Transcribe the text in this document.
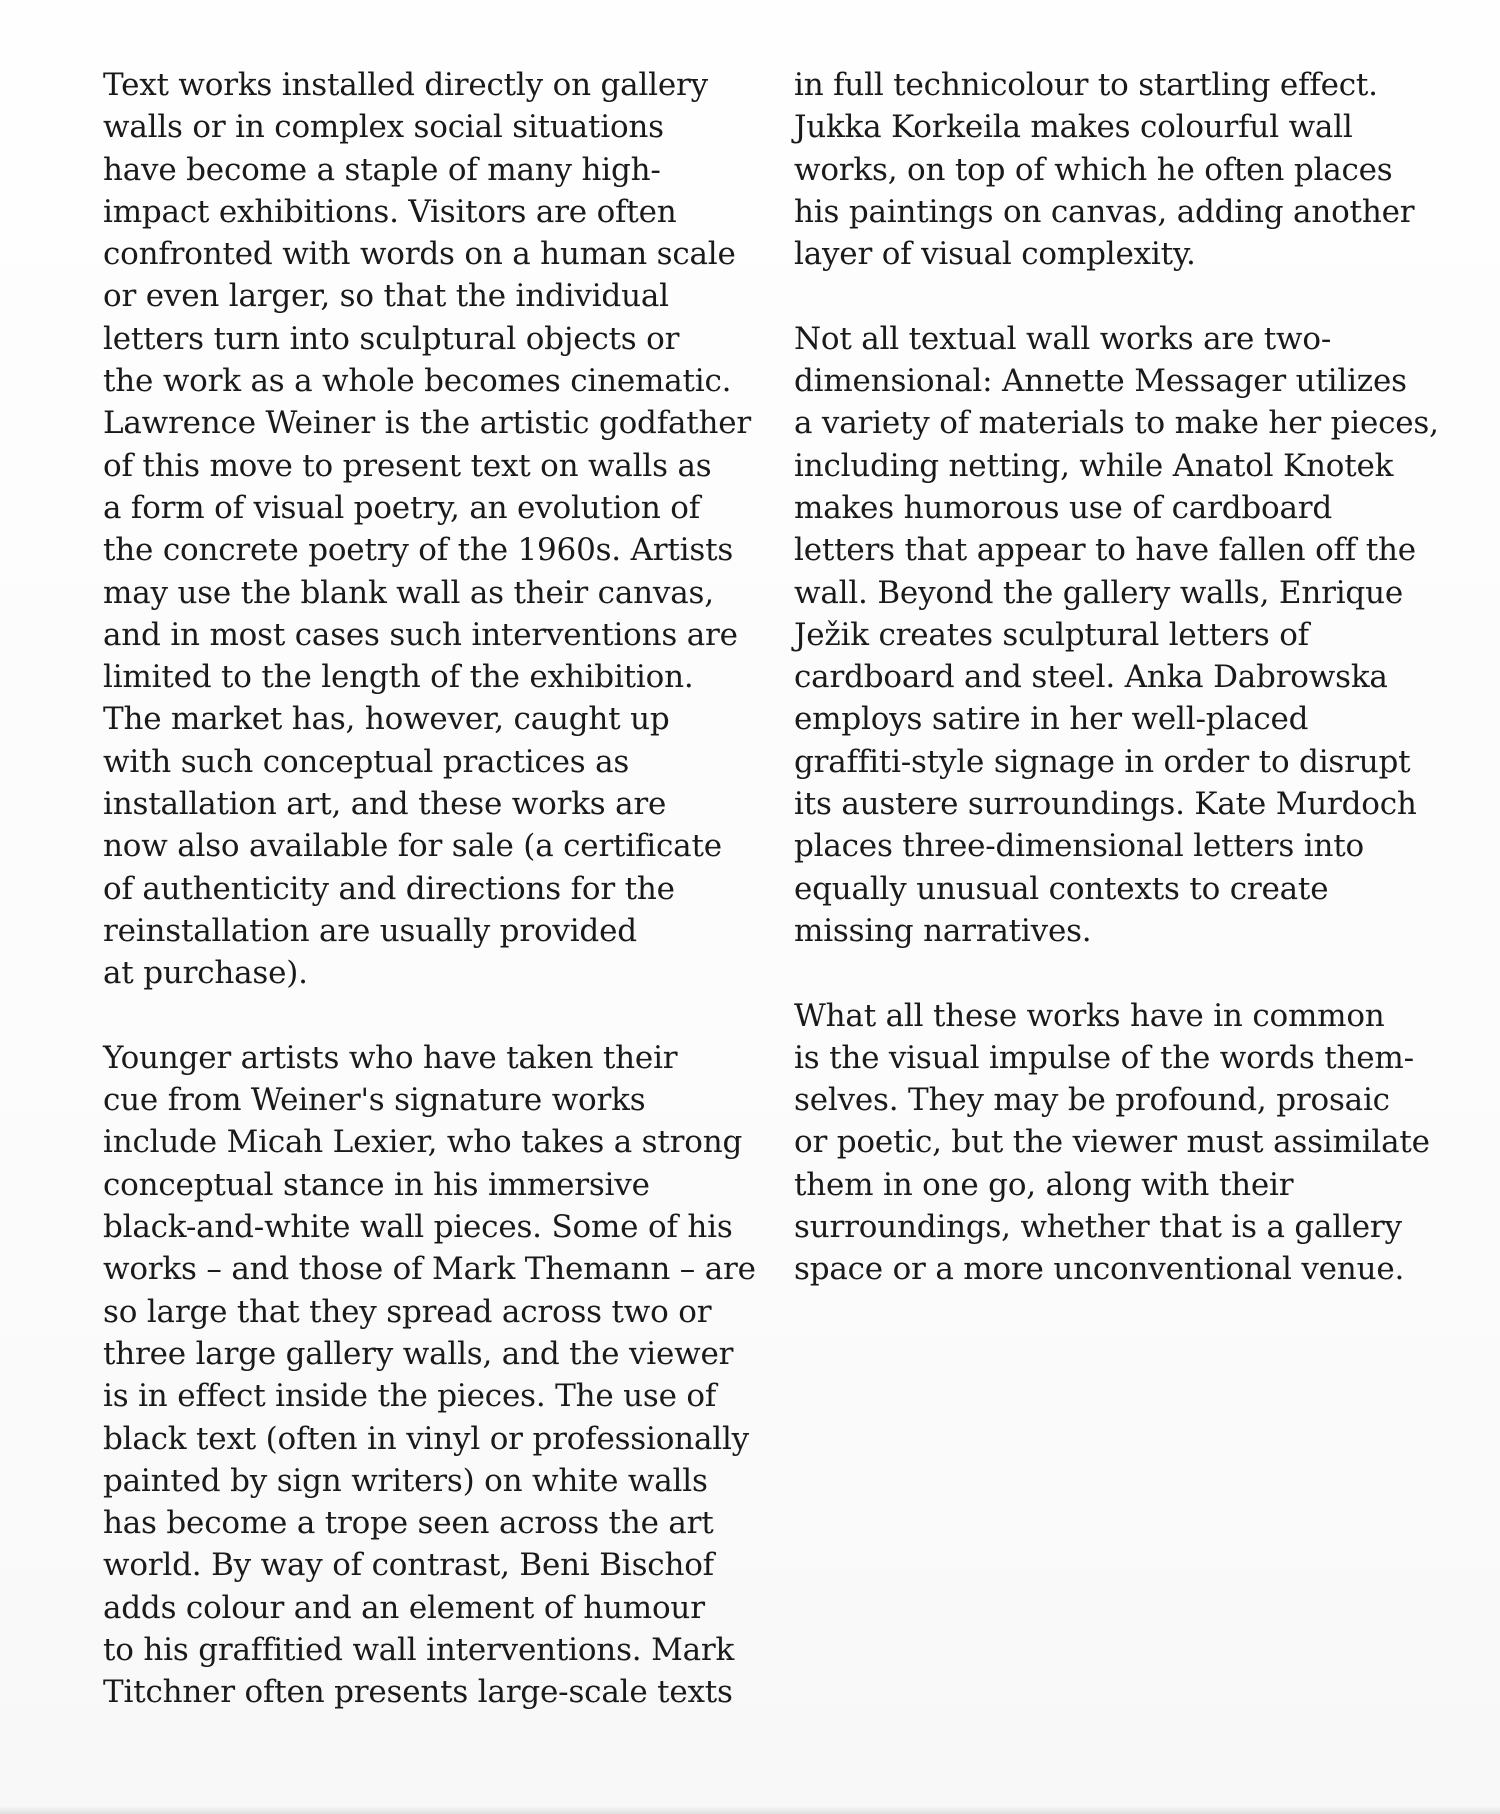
Text works installed directly on gallery
walls or in complex social situations
have become a staple of many high-
impact exhibitions. Visitors are often
confronted with words on a human scale
or even larger, so that the individual
letters turn into sculptural objects or
the work as a whole becomes cinematic.
Lawrence Weiner is the artistic godfather
of this move to present text on walls as
a form of visual poetry, an evolution of
the concrete poetry of the 1960s. Artists
may use the blank wall as their canvas,
and in most cases such interventions are
limited to the length of the exhibition.
The market has, however, caught up
with such conceptual practices as
installation art, and these works are
now also available for sale (a certificate
of authenticity and directions for the
reinstallation are usually provided
at purchase).

Younger artists who have taken their
cue from Weiner's signature works
include Micah Lexier, who takes a strong
conceptual stance in his immersive
black-and-white wall pieces. Some of his
works – and those of Mark Themann – are
so large that they spread across two or
three large gallery walls, and the viewer
is in effect inside the pieces. The use of
black text (often in vinyl or professionally
painted by sign writers) on white walls
has become a trope seen across the art
world. By way of contrast, Beni Bischof
adds colour and an element of humour
to his graffitied wall interventions. Mark
Titchner often presents large-scale texts

in full technicolour to startling effect.
Jukka Korkeila makes colourful wall
works, on top of which he often places
his paintings on canvas, adding another
layer of visual complexity.

Not all textual wall works are two-
dimensional: Annette Messager utilizes
a variety of materials to make her pieces,
including netting, while Anatol Knotek
makes humorous use of cardboard
letters that appear to have fallen off the
wall. Beyond the gallery walls, Enrique
Ježik creates sculptural letters of
cardboard and steel. Anka Dabrowska
employs satire in her well-placed
graffiti-style signage in order to disrupt
its austere surroundings. Kate Murdoch
places three-dimensional letters into
equally unusual contexts to create
missing narratives.

What all these works have in common
is the visual impulse of the words them-
selves. They may be profound, prosaic
or poetic, but the viewer must assimilate
them in one go, along with their
surroundings, whether that is a gallery
space or a more unconventional venue.
